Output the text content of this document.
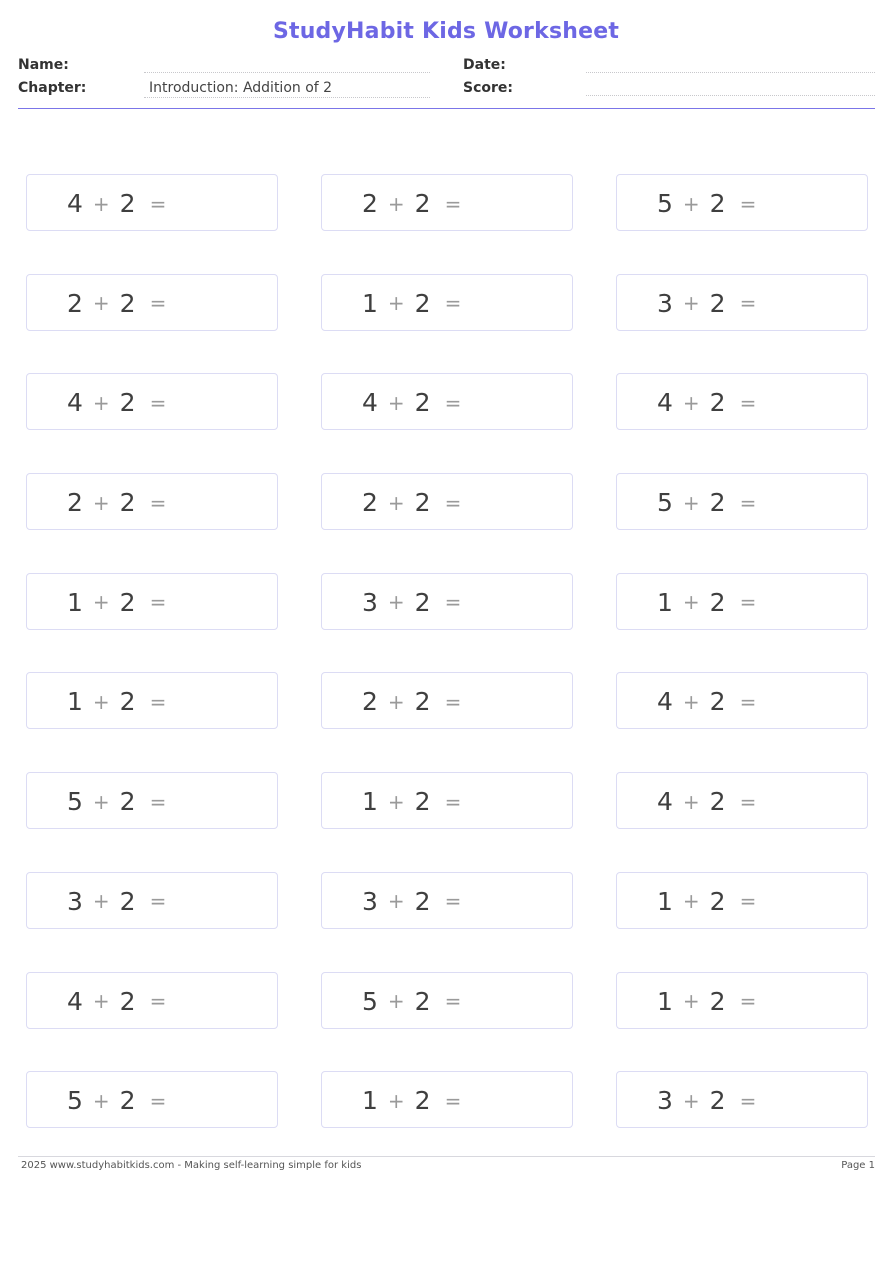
StudyHabit Kids Worksheet
Name:	Date:
Chapter:	Introduction: Addition of 2	Score:
4 + 2 =	2 + 2 =	5 + 2 =
2 + 2 =	1 + 2 =	3 + 2 =
4 + 2 =	4 + 2 =	4 + 2 =
2 + 2 =	2 + 2 =	5 + 2 =
1 + 2 =	3 + 2 =	1 + 2 =
1 + 2 =	2 + 2 =	4 + 2 =
5 + 2 =	1 + 2 =	4 + 2 =
3 + 2 =	3 + 2 =	1 + 2 =
4 + 2 =	5 + 2 =	1 + 2 =
5 + 2 =	1 + 2 =	3 + 2 =
2025 www.studyhabitkids.com - Making self-learning simple for kids	Page 1
